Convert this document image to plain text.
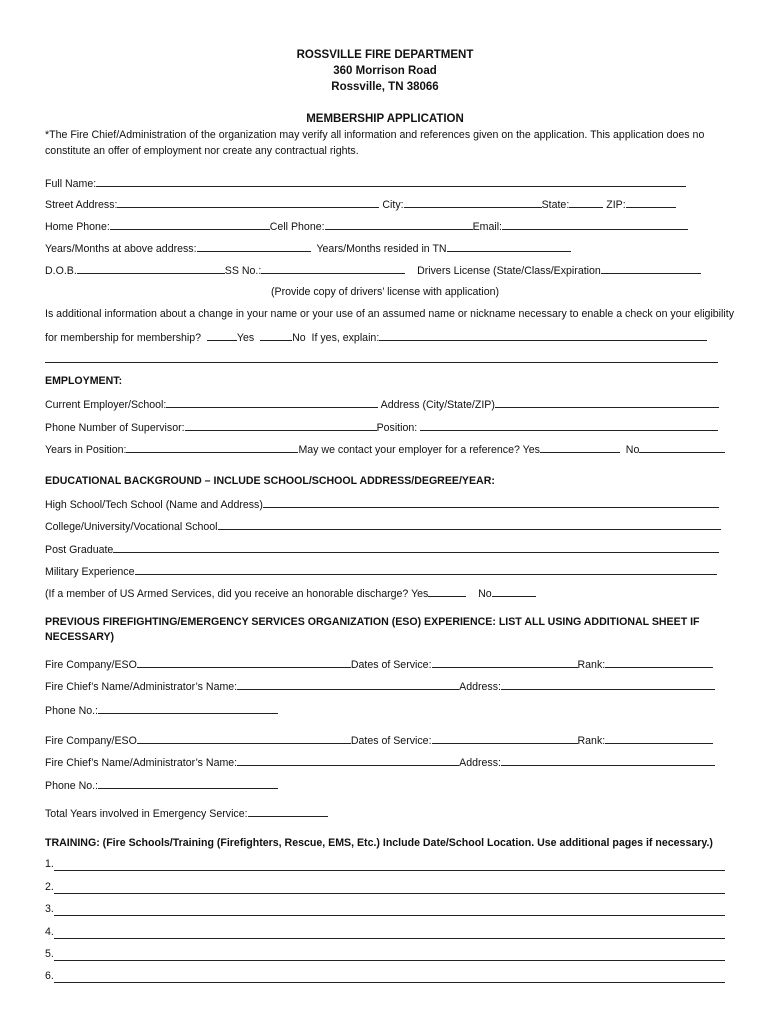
ROSSVILLE FIRE DEPARTMENT
360 Morrison Road
Rossville, TN 38066
MEMBERSHIP APPLICATION
*The Fire Chief/Administration of the organization may verify all information and references given on the application. This application does no
constitute an offer of employment nor create any contractual rights.
Full Name:
Street Address:	City:	State:	ZIP:
Home Phone:	Cell Phone:	Email:
Years/Months at above address:	Years/Months resided in TN
D.O.B.	SS No.:	Drivers License (State/Class/Expiration
(Provide copy of drivers’ license with application)
Is additional information about a change in your name or your use of an assumed name or nickname necessary to enable a check on your eligibility
for membership for membership?	Yes	No If yes, explain:
EMPLOYMENT:
Current Employer/School:	Address (City/State/ZIP)
Phone Number of Supervisor:	Position:
Years in Position:	May we contact your employer for a reference? Yes	No
EDUCATIONAL BACKGROUND – INCLUDE SCHOOL/SCHOOL ADDRESS/DEGREE/YEAR:
High School/Tech School (Name and Address)
College/University/Vocational School
Post Graduate
Military Experience
(If a member of US Armed Services, did you receive an honorable discharge? Yes	No
PREVIOUS FIREFIGHTING/EMERGENCY SERVICES ORGANIZATION (ESO) EXPERIENCE: LIST ALL USING ADDITIONAL SHEET IF
NECESSARY)
Fire Company/ESO	Dates of Service:	Rank:
Fire Chief’s Name/Administrator’s Name:	Address:
Phone No.:
Fire Company/ESO	Dates of Service:	Rank:
Fire Chief’s Name/Administrator’s Name:	Address:
Phone No.:
Total Years involved in Emergency Service:
TRAINING: (Fire Schools/Training (Firefighters, Rescue, EMS, Etc.) Include Date/School Location. Use additional pages if necessary.)
1.
2.
3.
4.
5.
6.
